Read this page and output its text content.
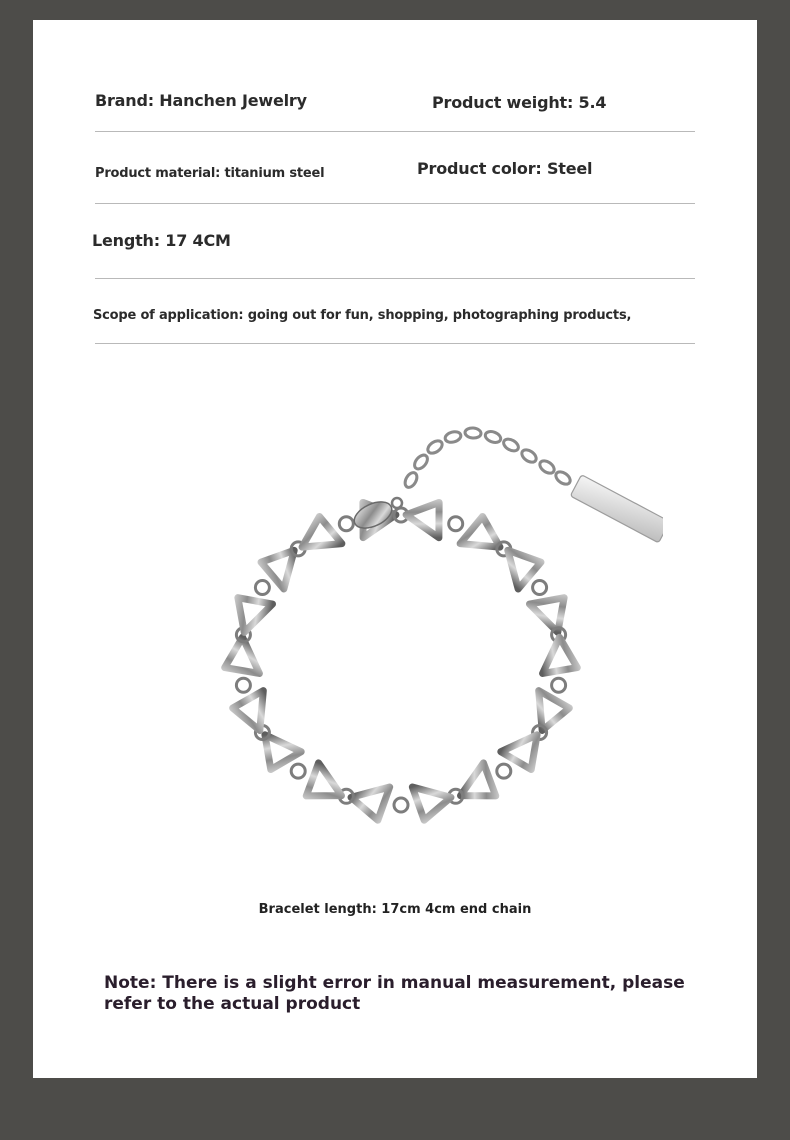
Brand: Hanchen Jewelry	Product weight: 5.4
Product material: titanium steel	Product color: Steel
Length: 17 4CM
Scope of application: going out for fun, shopping, photographing products,
Bracelet length: 17cm 4cm end chain
Note: There is a slight error in manual measurement, please refer to the actual product
